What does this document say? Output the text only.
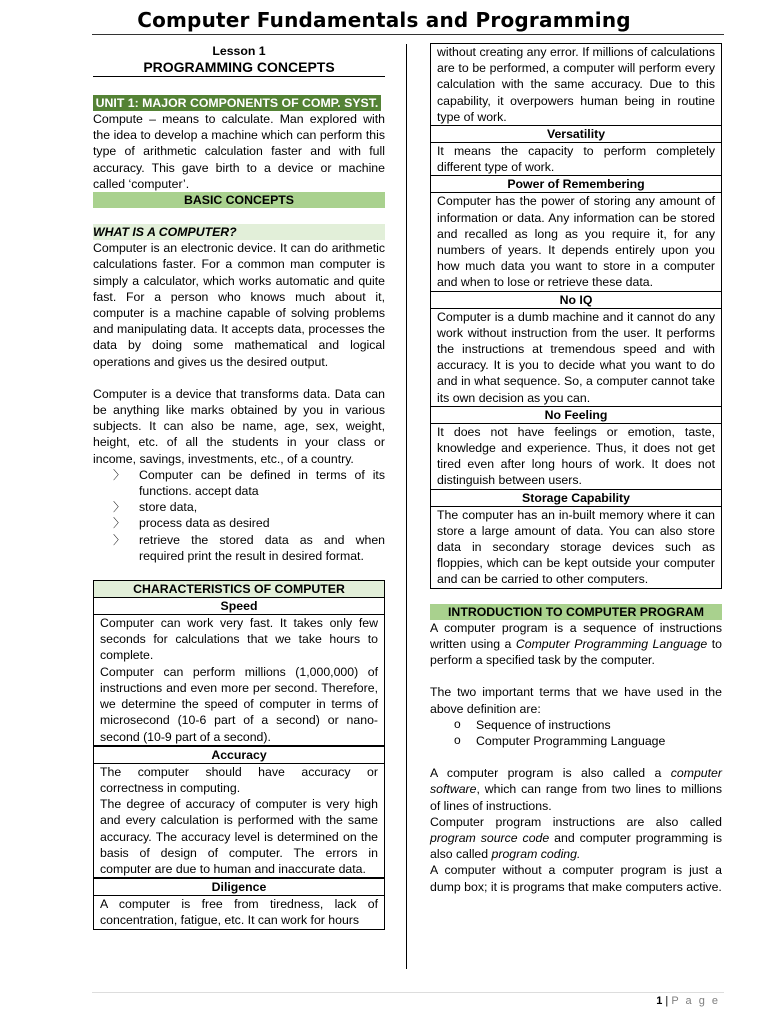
Computer Fundamentals and Programming
Lesson 1
PROGRAMMING CONCEPTS
UNIT 1: MAJOR COMPONENTS OF COMP. SYST.

Compute – means to calculate. Man explored with the idea to develop a machine which can perform this type of arithmetic calculation faster and with full accuracy. This gave birth to a device or machine called ‘computer’.

BASIC CONCEPTS
WHAT IS A COMPUTER?

Computer is an electronic device. It can do arithmetic calculations faster. For a common man computer is simply a calculator, which works automatic and quite fast. For a person who knows much about it, computer is a machine capable of solving problems and manipulating data. It accepts data, processes the data by doing some mathematical and logical operations and gives us the desired output.

Computer is a device that transforms data. Data can be anything like marks obtained by you in various subjects. It can also be name, age, sex, weight, height, etc. of all the students in your class or income, savings, investments, etc., of a country.

〉 Computer can be defined in terms of its functions. accept data
〉 store data,
〉 process data as desired
〉 retrieve the stored data as and when required print the result in desired format.
CHARACTERISTICS OF COMPUTER
Speed

Computer can work very fast. It takes only few seconds for calculations that we take hours to complete.

Computer can perform millions (1,000,000) of instructions and even more per second. Therefore, we determine the speed of computer in terms of microsecond (10-6 part of a second) or nano-second (10-9 part of a second).

Accuracy

The computer should have accuracy or correctness in computing.

The degree of accuracy of computer is very high and every calculation is performed with the same accuracy. The accuracy level is determined on the basis of design of computer. The errors in computer are due to human and inaccurate data.

Diligence

A computer is free from tiredness, lack of concentration, fatigue, etc. It can work for hours

without creating any error. If millions of calculations are to be performed, a computer will perform every calculation with the same accuracy. Due to this capability, it overpowers human being in routine type of work.

Versatility

It means the capacity to perform completely different type of work.

Power of Remembering

Computer has the power of storing any amount of information or data. Any information can be stored and recalled as long as you require it, for any numbers of years. It depends entirely upon you how much data you want to store in a computer and when to lose or retrieve these data.

No IQ

Computer is a dumb machine and it cannot do any work without instruction from the user. It performs the instructions at tremendous speed and with accuracy. It is you to decide what you want to do and in what sequence. So, a computer cannot take its own decision as you can.

No Feeling

It does not have feelings or emotion, taste, knowledge and experience. Thus, it does not get tired even after long hours of work. It does not distinguish between users.

Storage Capability

The computer has an in-built memory where it can store a large amount of data. You can also store data in secondary storage devices such as floppies, which can be kept outside your computer and can be carried to other computers.

INTRODUCTION TO COMPUTER PROGRAM

A computer program is a sequence of instructions written using a Computer Programming Language to perform a specified task by the computer.

The two important terms that we have used in the above definition are:

o Sequence of instructions
o Computer Programming Language

A computer program is also called a computer software, which can range from two lines to millions of lines of instructions.

Computer program instructions are also called program source code and computer programming is also called program coding.

A computer without a computer program is just a dump box; it is programs that make computers active.

1 | P a g e
